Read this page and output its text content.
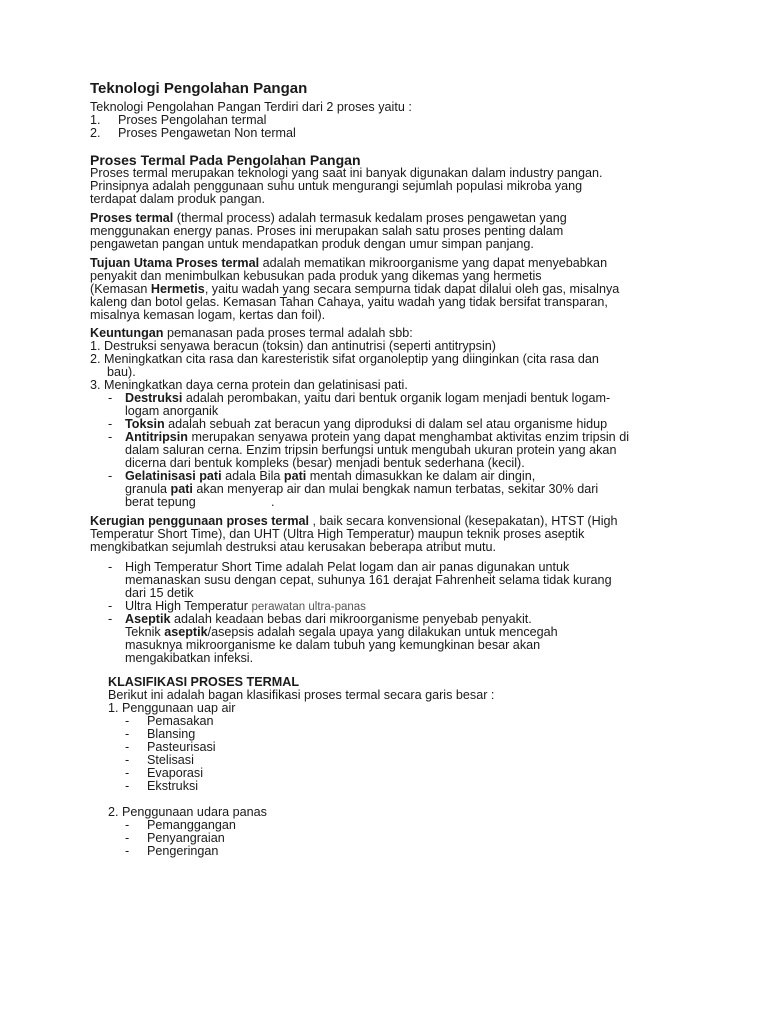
Teknologi Pengolahan Pangan
Teknologi Pengolahan Pangan Terdiri dari 2 proses yaitu :
1. Proses Pengolahan termal
2. Proses Pengawetan Non termal
Proses Termal Pada Pengolahan Pangan
Proses termal merupakan teknologi yang saat ini banyak digunakan dalam industry pangan.
Prinsipnya adalah penggunaan suhu untuk mengurangi sejumlah populasi mikroba yang
terdapat dalam produk pangan.
Proses termal (thermal process) adalah termasuk kedalam proses pengawetan yang
menggunakan energy panas. Proses ini merupakan salah satu proses penting dalam
pengawetan pangan untuk mendapatkan produk dengan umur simpan panjang.
Tujuan Utama Proses termal adalah mematikan mikroorganisme yang dapat menyebabkan
penyakit dan menimbulkan kebusukan pada produk yang dikemas yang hermetis
(Kemasan Hermetis, yaitu wadah yang secara sempurna tidak dapat dilalui oleh gas, misalnya
kaleng dan botol gelas. Kemasan Tahan Cahaya, yaitu wadah yang tidak bersifat transparan,
misalnya kemasan logam, kertas dan foil).
Keuntungan pemanasan pada proses termal adalah sbb:
1. Destruksi senyawa beracun (toksin) dan antinutrisi (seperti antitrypsin)
2. Meningkatkan cita rasa dan karesteristik sifat organoleptip yang diinginkan (cita rasa dan
bau).
3. Meningkatkan daya cerna protein dan gelatinisasi pati.
- Destruksi adalah perombakan, yaitu dari bentuk organik logam menjadi bentuk logam-
logam anorganik
- Toksin adalah sebuah zat beracun yang diproduksi di dalam sel atau organisme hidup
- Antitripsin merupakan senyawa protein yang dapat menghambat aktivitas enzim tripsin di
dalam saluran cerna. Enzim tripsin berfungsi untuk mengubah ukuran protein yang akan
dicerna dari bentuk kompleks (besar) menjadi bentuk sederhana (kecil).
- Gelatinisasi pati adala Bila pati mentah dimasukkan ke dalam air dingin,
granula pati akan menyerap air dan mulai bengkak namun terbatas, sekitar 30% dari
berat tepung	.
Kerugian penggunaan proses termal , baik secara konvensional (kesepakatan), HTST (High
Temperatur Short Time), dan UHT (Ultra High Temperatur) maupun teknik proses aseptik
mengkibatkan sejumlah destruksi atau kerusakan beberapa atribut mutu.
- High Temperatur Short Time adalah Pelat logam dan air panas digunakan untuk
memanaskan susu dengan cepat, suhunya 161 derajat Fahrenheit selama tidak kurang
dari 15 detik
- Ultra High Temperatur perawatan ultra-panas
- Aseptik adalah keadaan bebas dari mikroorganisme penyebab penyakit.
Teknik aseptik/asepsis adalah segala upaya yang dilakukan untuk mencegah
masuknya mikroorganisme ke dalam tubuh yang kemungkinan besar akan
mengakibatkan infeksi.
KLASIFIKASI PROSES TERMAL
Berikut ini adalah bagan klasifikasi proses termal secara garis besar :
1. Penggunaan uap air
- Pemasakan
- Blansing
- Pasteurisasi
- Stelisasi
- Evaporasi
- Ekstruksi
2. Penggunaan udara panas
- Pemanggangan
- Penyangraian
- Pengeringan
